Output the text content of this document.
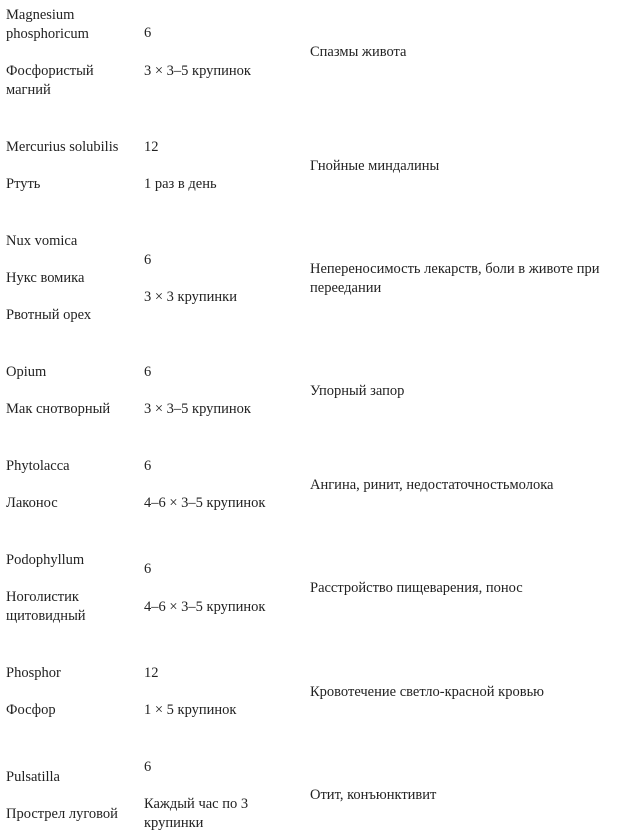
Magnesium phosphoricum
Фосфористый магний
6
3 × 3–5 крупинок
Спазмы живота
Mercurius solubilis
Ртуть
12
1 раз в день
Гнойные миндалины
Nux vomica
Нукс вомика
Рвотный орех
6
3 × 3 крупинки
Непереносимость лекарств, боли в животе при переедании
Opium
Мак снотворный
6
3 × 3–5 крупинок
Упорный запор
Phytolacca
Лаконос
6
4–6 × 3–5 крупинок
Ангина, ринит, недостаточностьмолока
Podophyllum
Ноголистик щитовидный
6
4–6 × 3–5 крупинок
Расстройство пищеварения, понос
Phosphor
Фосфор
12
1 × 5 крупинок
Кровотечение светло-красной кровью
Pulsatilla
Прострел луговой
6
Каждый час по 3 крупинки
Отит, конъюнктивит
